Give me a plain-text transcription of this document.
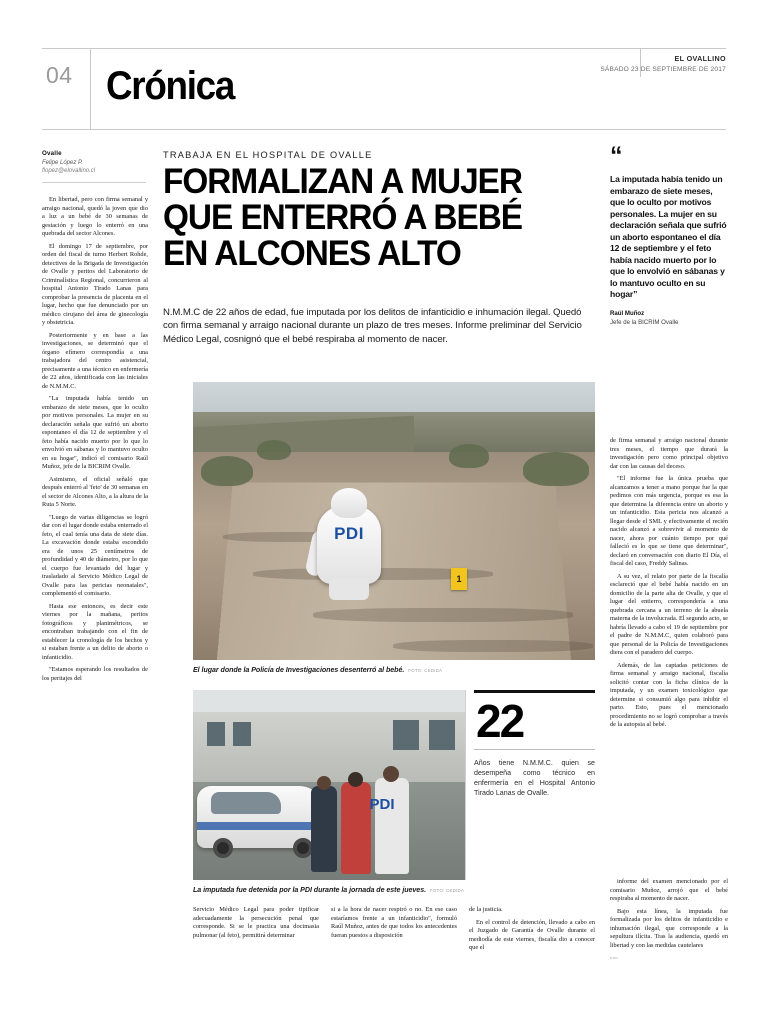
04 Crónica
EL OVALLINO
SÁBADO 23 DE SEPTIEMBRE DE 2017
Ovalle
Felipe López P.
flopez@elovallino.cl

En libertad, pero con firma semanal y arraigo nacional, quedó la joven que dio a luz a un bebé de 30 semanas de gestación y luego lo enterró en una quebrada del sector Alcones.

El domingo 17 de septiembre, por orden del fiscal de turno Herbert Rohde, detectives de la Brigada de Investigación de Ovalle y peritos del Laboratorio de Criminalística Regional, concurrieron al hospital Antonio Tirado Lanas para comprobar la presencia de placenta en el lugar, hecho que fue denunciado por un médico cirujano del área de ginecología y obstetricia.

Posteriormente y en base a las investigaciones, se determinó que el órgano efímero correspondía a una trabajadora del centro asistencial, precisamente a una técnico en enfermería de 22 años, identificada con las iniciales de N.M.M.C.

"La imputada había tenido un embarazo de siete meses, que lo oculto por motivos personales. La mujer en su declaración señala que sufrió un aborto espontaneo el día 12 de septiembre y el feto había nacido muerto por lo que lo envolvió en sábanas y lo mantuvo oculto en su hogar", indicó el comisario Raúl Muñoz, jefe de la BICRIM Ovalle.

Asimismo, el oficial señaló que después enterró al 'feto' de 30 semanas en el sector de Alcones Alto, a la altura de la Ruta 5 Norte.

"Luego de varias diligencias se logró dar con el lugar donde estaba enterrado el feto, el cual tenía una data de siete días. La excavación donde estaba escondido era de unos 25 centímetros de profundidad y 40 de diámetro, por lo que el cuerpo fue levantado del lugar y trasladado al Servicio Médico Legal de Ovalle para las pericias neonatales", complementó el comisario.

Hasta ese entonces, es decir este viernes por la mañana, peritos fotográficos y planimétricos, se encontraban trabajando con el fin de establecer la cronología de los hechos y si estaban frente a un delito de aborto o infanticidio.

"Estamos esperando los resultados de los peritajes del

TRABAJA EN EL HOSPITAL DE OVALLE
FORMALIZAN A MUJER
QUE ENTERRÓ A BEBÉ
EN ALCONES ALTO
N.M.M.C de 22 años de edad, fue imputada por los delitos de infanticidio e inhumación ilegal. Quedó con firma semanal y arraigo nacional durante un plazo de tres meses. Informe preliminar del Servicio Médico Legal, cosnignó que el bebé respiraba al momento de nacer.
“
La imputada había tenido un embarazo de siete meses, que lo oculto por motivos personales. La mujer en su declaración señala que sufrió un aborto espontaneo el día 12 de septiembre y el feto había nacido muerto por lo que lo envolvió en sábanas y lo mantuvo oculto en su hogar”
Raúl Muñoz
Jefe de la BICRIM Ovalle

de firma semanal y arraigo nacional durante tres meses, el tiempo que durará la investigación pero como principal objetivo dar con las causas del deceso.

"El informe fue la única prueba que alcanzamos a tener a mano porque fue la que pedimos con más urgencia, porque es esa la que determina la diferencia entre un aborto y un infanticidio. Esta pericia nos alcanzó a llegar desde el SML y efectivamente el recién nacido alcanzó a sobrevivir al momento de nacer, ahora por cuánto tiempo por qué falleció es lo que se tiene que determinar", declaró en conversación con diario El Día, el fiscal del caso, Freddy Salinas.

A su vez, el relato por parte de la fiscalía esclareció que el bebé había nacido en un domicilio de la parte alta de Ovalle, y que el lugar del entierro, correspondería a una quebrada cercana a un terreno de la abuela materna de la involucrada. El segundo acto, se habría llevado a cabo el 19 de septiembre por el padre de N.M.M.C, quien colaboró para que personal de la Policía de Investigaciones diera con el paradero del cuerpo.

Además, de las captadas peticiones de firma semanal y arraigo nacional, fiscalía solicitó contar con la ficha clínica de la imputada, y un examen toxicológico que determine si consumió algo para inhibir el parto. Esto, pues el mencionado procedimiento no se logró comprobar a través de la autopsia al bebé.

PDI
1
El lugar donde la Policía de Investigaciones desenterró al bebé. FOTO: CEDIDA
PDI
La imputada fue detenida por la PDI durante la jornada de este jueves. FOTO: CEDIDA
22
Años tiene N.M.M.C. quien se desempeña como técnico en enfermería en el Hospital Antonio Tirado Lanas de Ovalle.

Servicio Médico Legal para poder tipificar adecuadamente la persecución penal que corresponde. Si se le practica una docimasia pulmonar (al feto), permitirá determinar

si a la hora de nacer respiró o no. En ese caso estaríamos frente a un infanticidio", formuló Raúl Muñoz, antes de que todos los antecedentes fueran puestos a disposición

de la justicia.

En el control de detención, llevado a cabo en el Juzgado de Garantía de Ovalle durante el mediodía de este viernes, fiscalía dio a conocer que el

informe del examen mencionado por el comisario Muñoz, arrojó que el bebé respiraba al momento de nacer.

Bajo esta línea, la imputada fue formalizada por los delitos de infanticidio e inhumación ilegal, que corresponde a la sepultura ilícita. Tras la audiencia, quedó en libertad y con las medidas cautelares

ooo
